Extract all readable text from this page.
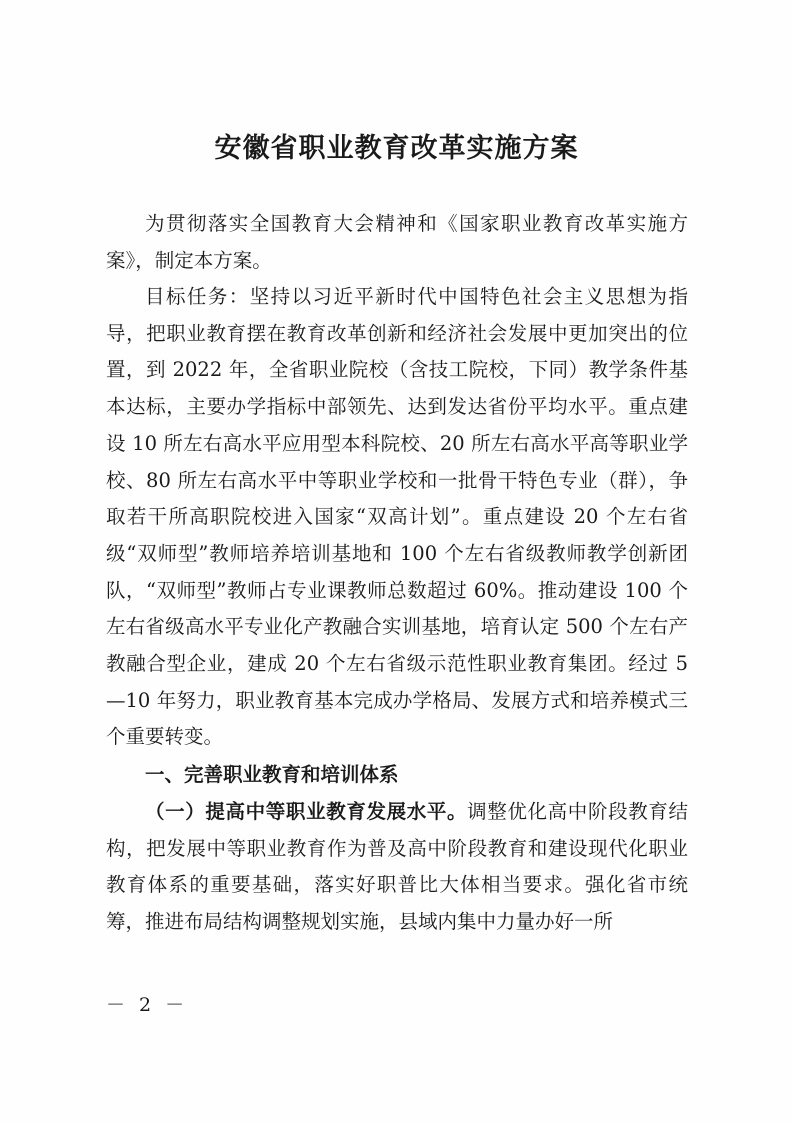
安徽省职业教育改革实施方案

为贯彻落实全国教育大会精神和《国家职业教育改革实施方案》，制定本方案。

目标任务：坚持以习近平新时代中国特色社会主义思想为指导，把职业教育摆在教育改革创新和经济社会发展中更加突出的位置，到 2022 年，全省职业院校（含技工院校，下同）教学条件基本达标，主要办学指标中部领先、达到发达省份平均水平。重点建设 10 所左右高水平应用型本科院校、20 所左右高水平高等职业学校、80 所左右高水平中等职业学校和一批骨干特色专业（群），争取若干所高职院校进入国家“双高计划”。重点建设 20 个左右省级“双师型”教师培养培训基地和 100 个左右省级教师教学创新团队，“双师型”教师占专业课教师总数超过 60%。推动建设 100 个左右省级高水平专业化产教融合实训基地，培育认定 500 个左右产教融合型企业，建成 20 个左右省级示范性职业教育集团。经过 5—10 年努力，职业教育基本完成办学格局、发展方式和培养模式三个重要转变。

一、完善职业教育和培训体系

（一）提高中等职业教育发展水平。调整优化高中阶段教育结构，把发展中等职业教育作为普及高中阶段教育和建设现代化职业教育体系的重要基础，落实好职普比大体相当要求。强化省市统筹，推进布局结构调整规划实施，县域内集中力量办好一所

－ 2 －
